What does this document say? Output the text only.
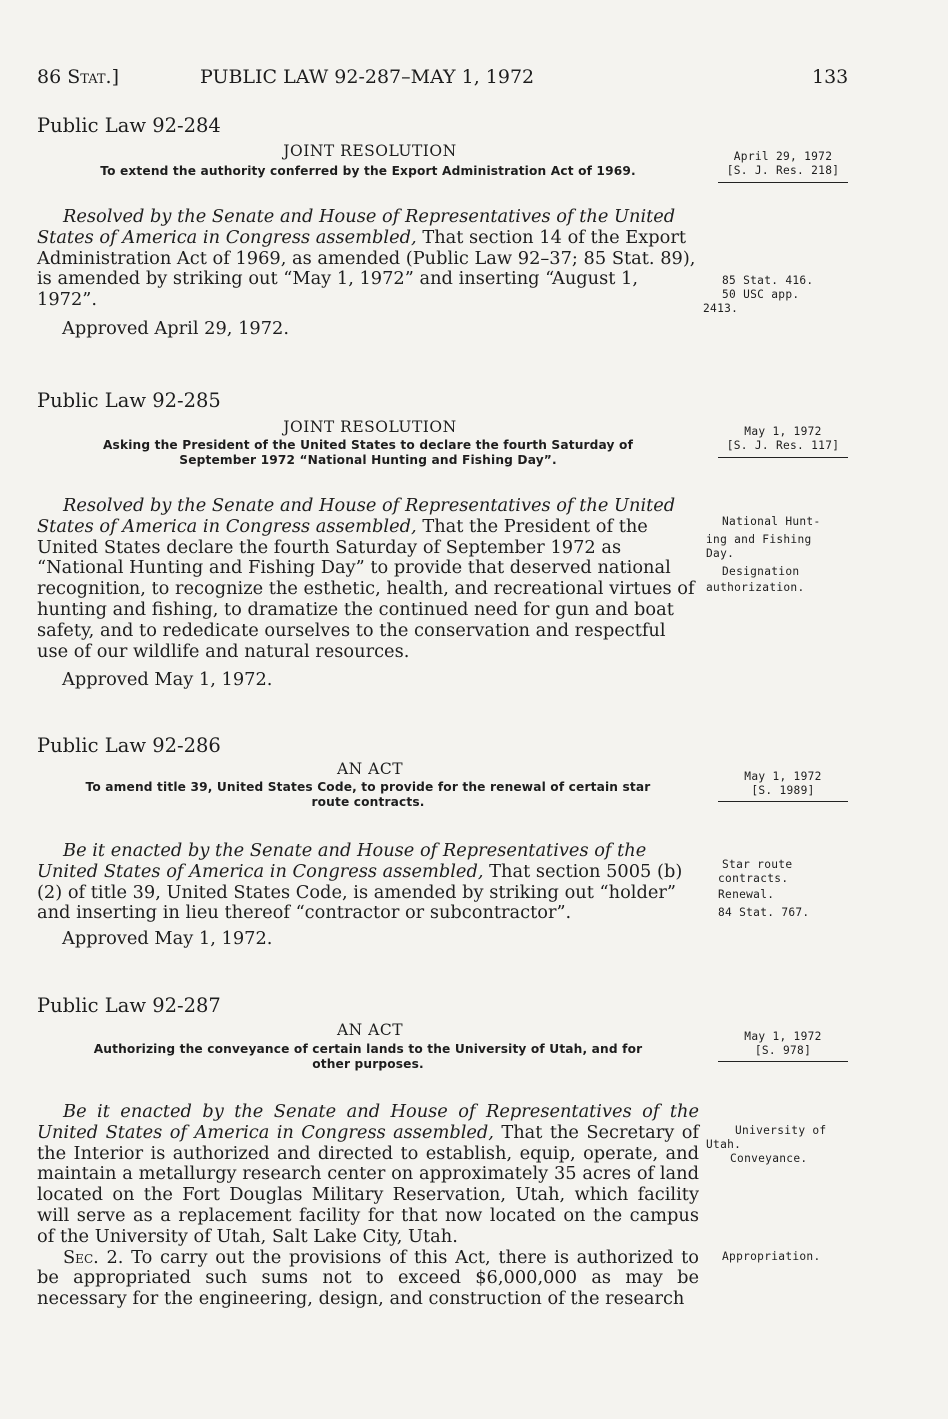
86 Stat.]	PUBLIC LAW 92-287–MAY 1, 1972	133
Public Law 92-284
JOINT RESOLUTION
To extend the authority conferred by the Export Administration Act of 1969.
April 29, 1972
[S. J. Res. 218]

Resolved by the Senate and House of Representatives of the United States of America in Congress assembled, That section 14 of the Export Administration Act of 1969, as amended (Public Law 92–37; 85 Stat. 89), is amended by striking out “May 1, 1972” and inserting “August 1, 1972”.

Approved April 29, 1972.
85 Stat. 416.
50 USC app.
2413.
Public Law 92-285
JOINT RESOLUTION
Asking the President of the United States to declare the fourth Saturday of
September 1972 “National Hunting and Fishing Day”.
May 1, 1972
[S. J. Res. 117]

Resolved by the Senate and House of Representatives of the United States of America in Congress assembled, That the President of the United States declare the fourth Saturday of September 1972 as “National Hunting and Fishing Day” to provide that deserved national recognition, to recognize the esthetic, health, and recreational virtues of hunting and fishing, to dramatize the continued need for gun and boat safety, and to rededicate ourselves to the conservation and respectful use of our wildlife and natural resources.

Approved May 1, 1972.
National Hunt-
ing and Fishing
Day.
Designation
authorization.
Public Law 92-286
AN ACT
To amend title 39, United States Code, to provide for the renewal of certain star
route contracts.
May 1, 1972
[S. 1989]

Be it enacted by the Senate and House of Representatives of the United States of America in Congress assembled, That section 5005 (b)(2) of title 39, United States Code, is amended by striking out “holder” and inserting in lieu thereof “contractor or subcontractor”.

Approved May 1, 1972.
Star route
contracts.
Renewal.
84 Stat. 767.
Public Law 92-287
AN ACT
Authorizing the conveyance of certain lands to the University of Utah, and for
other purposes.
May 1, 1972
[S. 978]

Be it enacted by the Senate and House of Representatives of the United States of America in Congress assembled, That the Secretary of the Interior is authorized and directed to establish, equip, operate, and maintain a metallurgy research center on approximately 35 acres of land located on the Fort Douglas Military Reservation, Utah, which facility will serve as a replacement facility for that now located on the campus of the University of Utah, Salt Lake City, Utah.

Sec. 2. To carry out the provisions of this Act, there is authorized to be appropriated such sums not to exceed $6,000,000 as may be necessary for the engineering, design, and construction of the research

University of
Utah.
Conveyance.
Appropriation.
